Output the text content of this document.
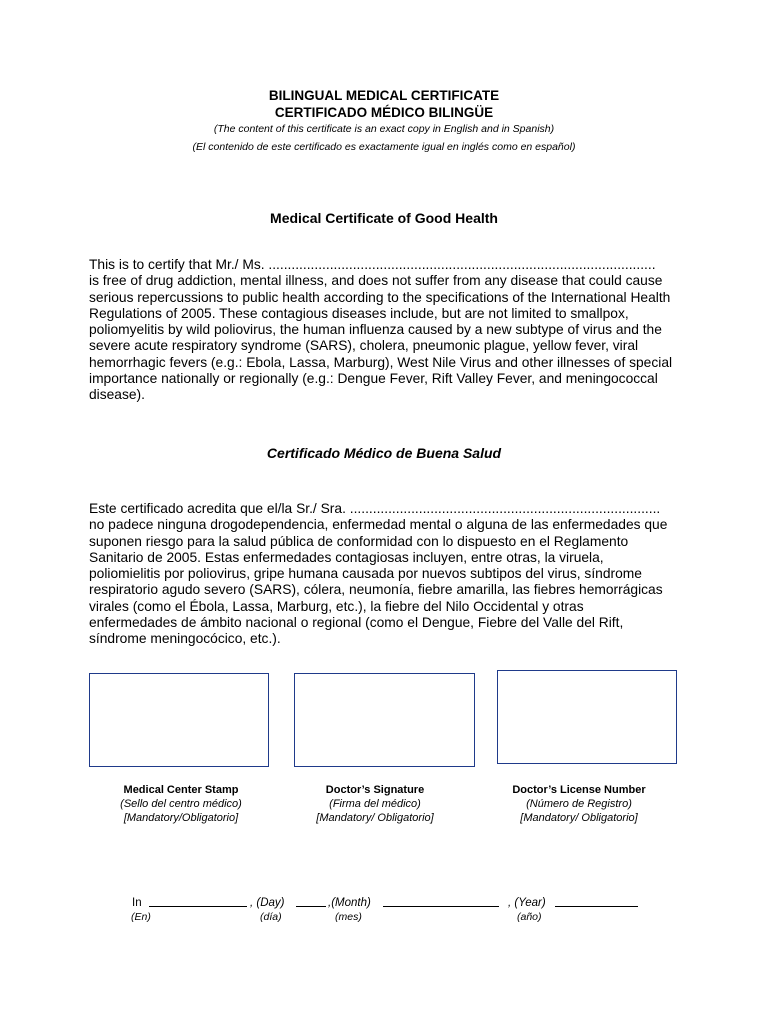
BILINGUAL MEDICAL CERTIFICATE
CERTIFICADO MÉDICO BILINGÜE
(The content of this certificate is an exact copy in English and in Spanish)
(El contenido de este certificado es exactamente igual en inglés como en español)
Medical Certificate of Good Health
This is to certify that Mr./ Ms. .....................................................................................................
is free of drug addiction, mental illness, and does not suffer from any disease that could cause
serious repercussions to public health according to the specifications of the International Health
Regulations of 2005. These contagious diseases include, but are not limited to smallpox,
poliomyelitis by wild poliovirus, the human influenza caused by a new subtype of virus and the
severe acute respiratory syndrome (SARS), cholera, pneumonic plague, yellow fever, viral
hemorrhagic fevers (e.g.: Ebola, Lassa, Marburg), West Nile Virus and other illnesses of special
importance nationally or regionally (e.g.: Dengue Fever, Rift Valley Fever, and meningococcal
disease).
Certificado Médico de Buena Salud
Este certificado acredita que el/la Sr./ Sra. .................................................................................
no padece ninguna drogodependencia, enfermedad mental o alguna de las enfermedades que
suponen riesgo para la salud pública de conformidad con lo dispuesto en el Reglamento
Sanitario de 2005. Estas enfermedades contagiosas incluyen, entre otras, la viruela,
poliomielitis por poliovirus, gripe humana causada por nuevos subtipos del virus, síndrome
respiratorio agudo severo (SARS), cólera, neumonía, fiebre amarilla, las fiebres hemorrágicas
virales (como el Ébola, Lassa, Marburg, etc.), la fiebre del Nilo Occidental y otras
enfermedades de ámbito nacional o regional (como el Dengue, Fiebre del Valle del Rift,
síndrome meningocócico, etc.).
Medical Center Stamp
(Sello del centro médico)
[Mandatory/Obligatorio]
Doctor’s Signature
(Firma del médico)
[Mandatory/ Obligatorio]
Doctor’s License Number
(Número de Registro)
[Mandatory/ Obligatorio]
In	, (Day)	,(Month)	, (Year)
(En)	(día)	(mes)	(año)
